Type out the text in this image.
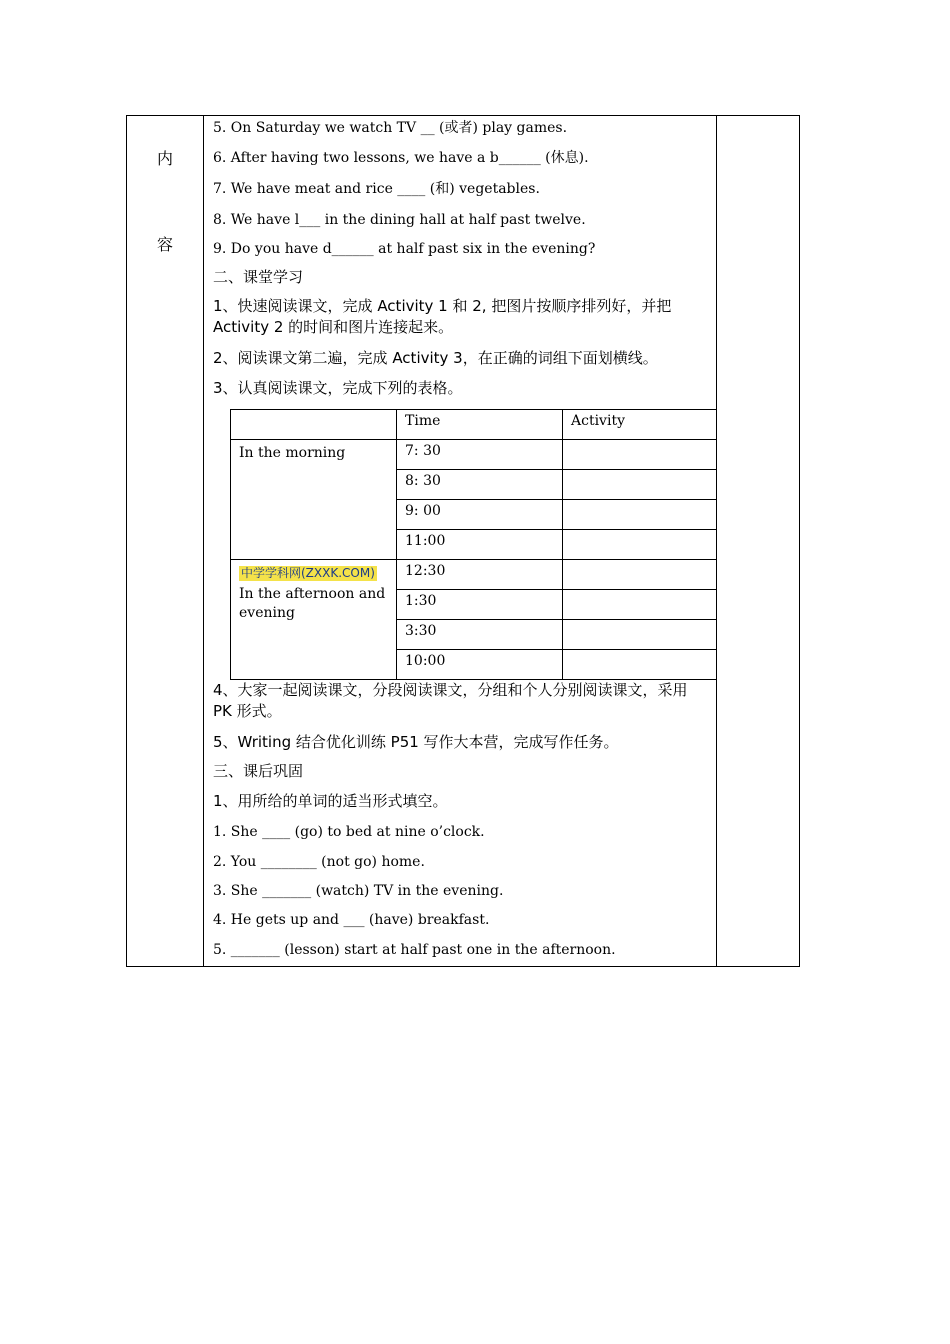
内
容
5. On Saturday we watch TV __ (或者) play games.
6. After having two lessons, we have a b______ (休息).
7. We have meat and rice ____ (和) vegetables.
8. We have l___ in the dining hall at half past twelve.
9. Do you have d______ at half past six in the evening?
二、课堂学习
1、快速阅读课文，完成 Activity 1 和 2, 把图片按顺序排列好，并把 Activity 2 的时间和图片连接起来。
2、阅读课文第二遍，完成 Activity 3，在正确的词组下面划横线。
3、认真阅读课文，完成下列的表格。
	Time	Activity
In the morning	7: 30	
	8: 30	
	9: 00	
	11:00	
中学学科网(ZXXK.COM)
In the afternoon and evening	12:30	
	1:30	
	3:30	
	10:00	
4、大家一起阅读课文，分段阅读课文，分组和个人分别阅读课文，采用 PK 形式。
5、Writing 结合优化训练 P51 写作大本营，完成写作任务。
三、课后巩固
1、用所给的单词的适当形式填空。
1. She ____ (go) to bed at nine o’clock.
2. You ________ (not go) home.
3. She _______ (watch) TV in the evening.
4. He gets up and ___ (have) breakfast.
5. _______ (lesson) start at half past one in the afternoon.
